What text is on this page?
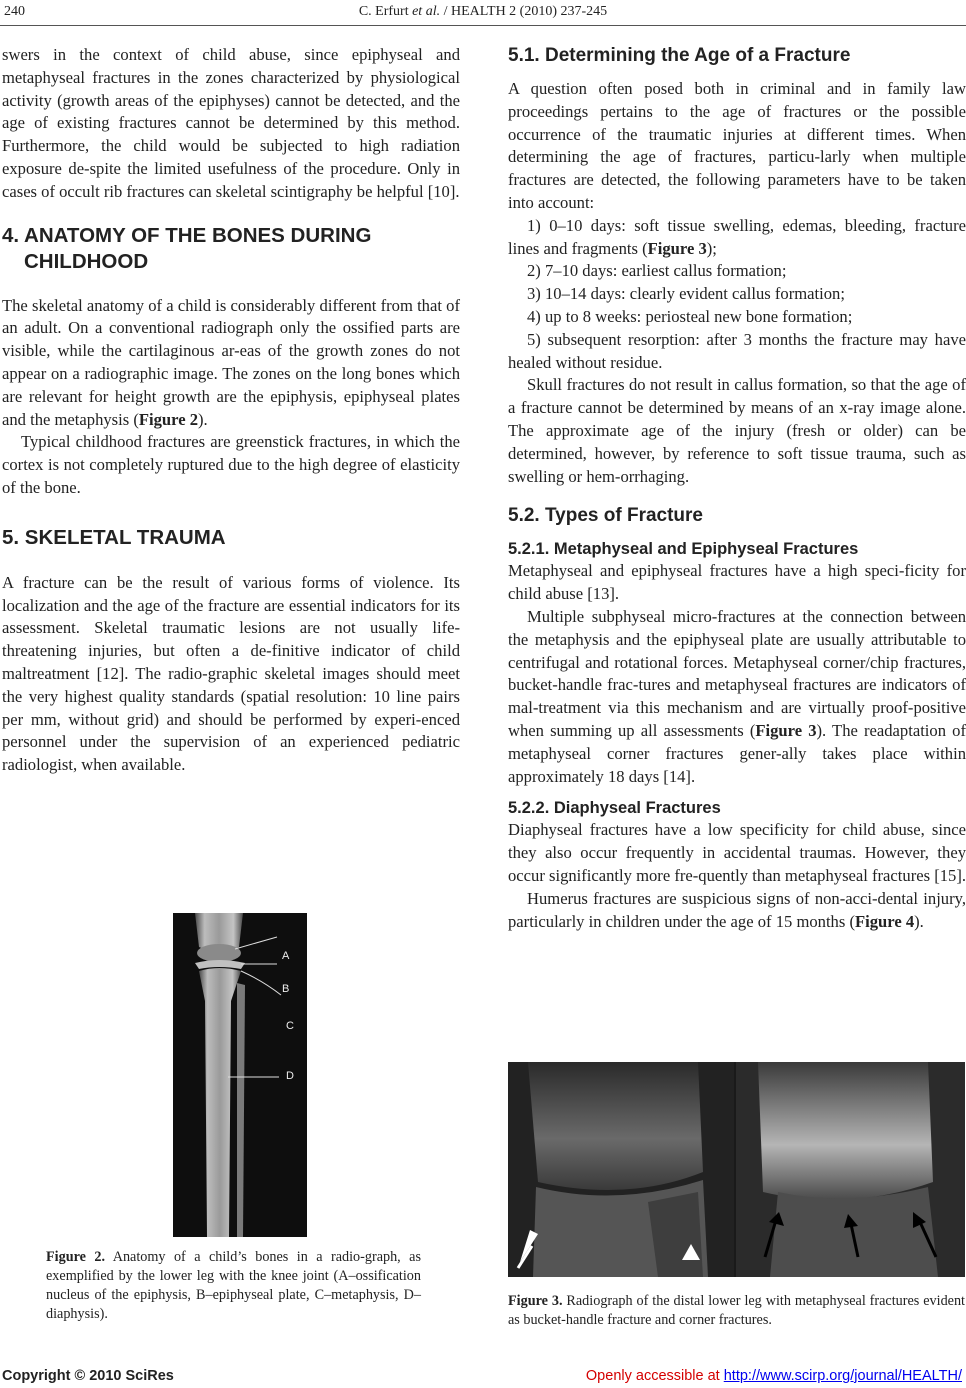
240	C. Erfurt et al. / HEALTH 2 (2010) 237-245

swers in the context of child abuse, since epiphyseal and metaphyseal fractures in the zones characterized by physiological activity (growth areas of the epiphyses) cannot be detected, and the age of existing fractures cannot be determined by this method. Furthermore, the child would be subjected to high radiation exposure de-spite the limited usefulness of the procedure. Only in cases of occult rib fractures can skeletal scintigraphy be helpful [10].

4. ANATOMY OF THE BONES DURING CHILDHOOD

The skeletal anatomy of a child is considerably different from that of an adult. On a conventional radiograph only the ossified parts are visible, while the cartilaginous ar-eas of the growth zones do not appear on a radiographic image. The zones on the long bones which are relevant for height growth are the epiphysis, epiphyseal plates and the metaphysis (Figure 2).

Typical childhood fractures are greenstick fractures, in which the cortex is not completely ruptured due to the high degree of elasticity of the bone.

5. SKELETAL TRAUMA

A fracture can be the result of various forms of violence. Its localization and the age of the fracture are essential indicators for its assessment. Skeletal traumatic lesions are not usually life-threatening injuries, but often a de-finitive indicator of child maltreatment [12]. The radio-graphic skeletal images should meet the very highest quality standards (spatial resolution: 10 line pairs per mm, without grid) and should be performed by experi-enced personnel under the supervision of an experienced pediatric radiologist, when available.

A
B
C
D
Figure 2. Anatomy of a child’s bones in a radio-graph, as exemplified by the lower leg with the knee joint (A–ossification nucleus of the epiphysis, B–epiphyseal plate, C–metaphysis, D–diaphysis).
5.1. Determining the Age of a Fracture

A question often posed both in criminal and in family law proceedings pertains to the age of fractures or the possible occurrence of the traumatic injuries at different times. When determining the age of fractures, particu-larly when multiple fractures are detected, the following parameters have to be taken into account:

1) 0–10 days: soft tissue swelling, edemas, bleeding, fracture lines and fragments (Figure 3);

2) 7–10 days: earliest callus formation;

3) 10–14 days: clearly evident callus formation;

4) up to 8 weeks: periosteal new bone formation;

5) subsequent resorption: after 3 months the fracture may have healed without residue.

Skull fractures do not result in callus formation, so that the age of a fracture cannot be determined by means of an x-ray image alone. The approximate age of the injury (fresh or older) can be determined, however, by reference to soft tissue trauma, such as swelling or hem-orrhaging.

5.2. Types of Fracture
5.2.1. Metaphyseal and Epiphyseal Fractures

Metaphyseal and epiphyseal fractures have a high speci-ficity for child abuse [13].

Multiple subphyseal micro-fractures at the connection between the metaphysis and the epiphyseal plate are usually attributable to centrifugal and rotational forces. Metaphyseal corner/chip fractures, bucket-handle frac-tures and metaphyseal fractures are indicators of mal-treatment via this mechanism and are virtually proof-positive when summing up all assessments (Figure 3). The readaptation of metaphyseal corner fractures gener-ally takes place within approximately 18 days [14].

5.2.2. Diaphyseal Fractures

Diaphyseal fractures have a low specificity for child abuse, since they also occur frequently in accidental traumas. However, they occur significantly more fre-quently than metaphyseal fractures [15].

Humerus fractures are suspicious signs of non-acci-dental injury, particularly in children under the age of 15 months (Figure 4).

Figure 3. Radiograph of the distal lower leg with metaphyseal fractures evident as bucket-handle fracture and corner fractures.
Copyright © 2010 SciRes	Openly accessible at http://www.scirp.org/journal/HEALTH/
